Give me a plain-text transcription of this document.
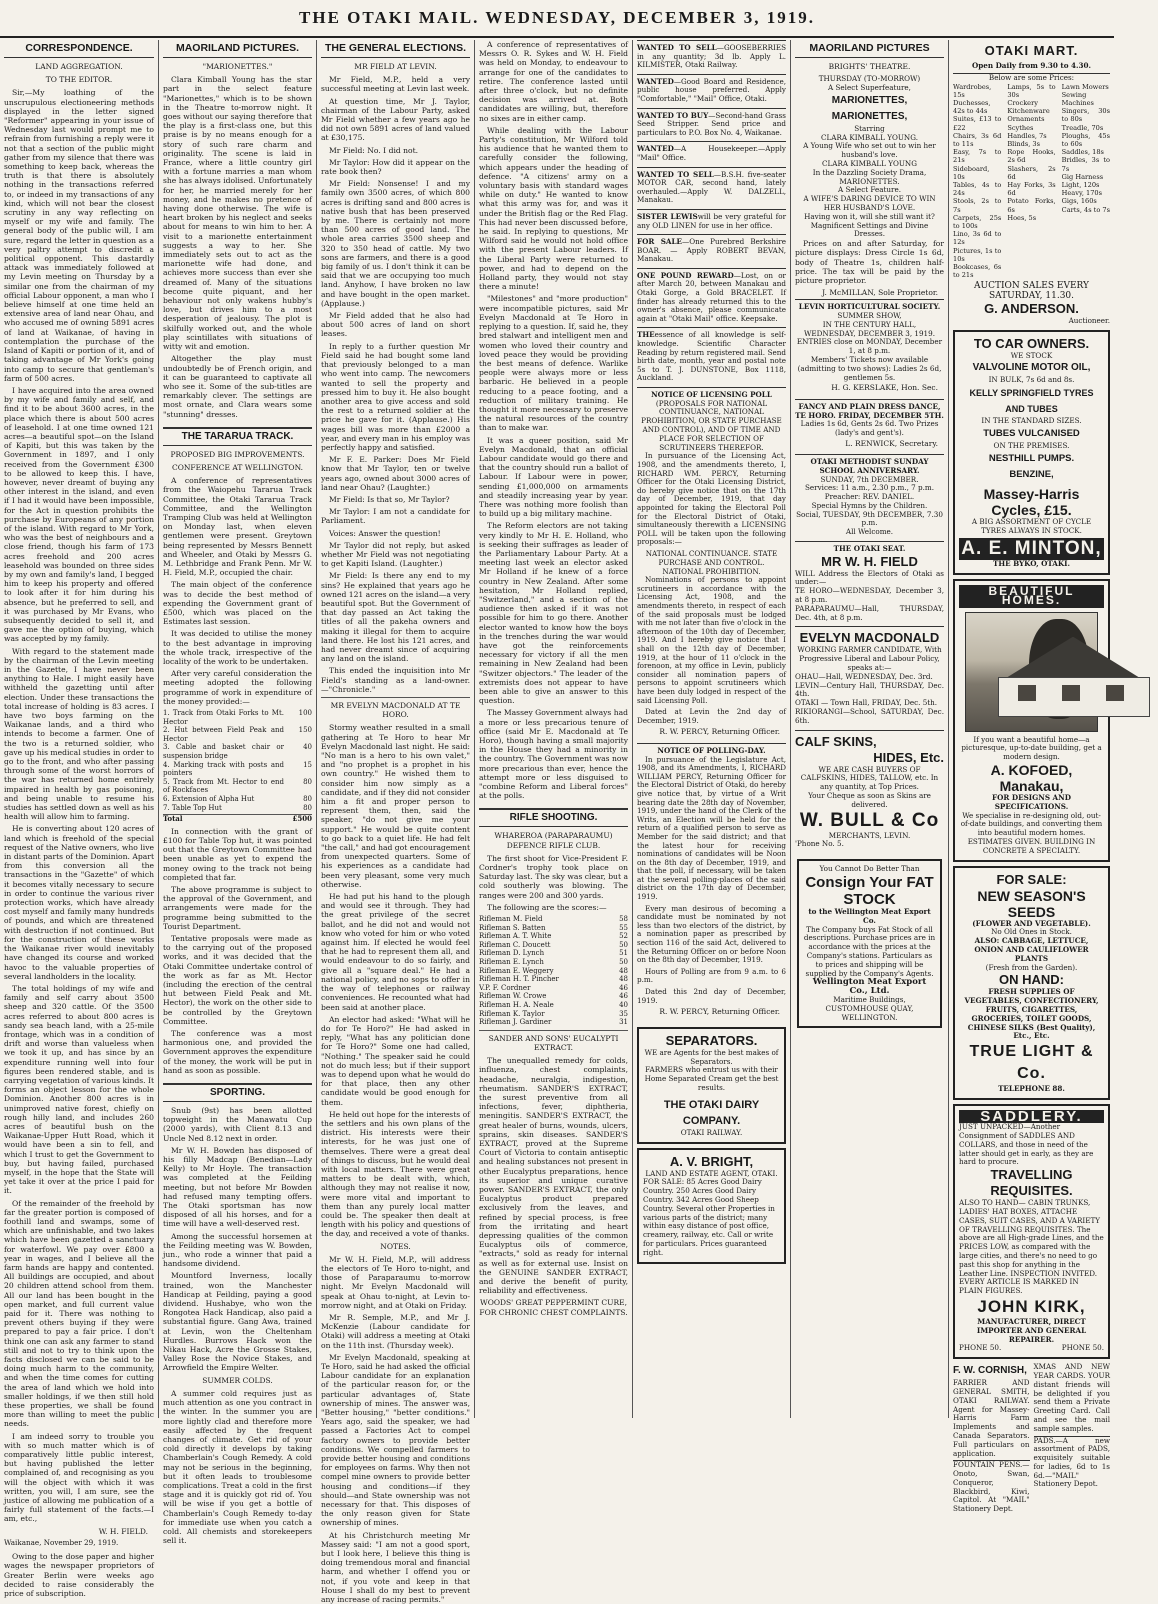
THE OTAKI MAIL. WEDNESDAY, DECEMBER 3, 1919.
CORRESPONDENCE.
LAND AGGREGATION.
TO THE EDITOR.

Sir,—My loathing of the unscrupulous electioneering methods displayed in the letter signed "Reformer" appearing in your issue of Wednesday last would prompt me to refrain from furnishing a reply were it not that a section of the public might gather from my silence that there was something to keep back, whereas the truth is that there is absolutely nothing in the transactions referred to, or indeed in my transactions of any kind, which will not bear the closest scrutiny in any way reflecting on myself or my wife and family. The general body of the public will, I am sure, regard the letter in question as a very paltry attempt to discredit a political opponent. This dastardly attack was immediately followed at my Levin meeting on Thursday by a similar one from the chairman of my official Labour opponent, a man who I believe himself at one time held an extensive area of land near Ohau, and who accused me of owning 5891 acres of land at Waikanae, of having in contemplation the purchase of the Island of Kapiti or portion of it, and of taking advantage of Mr York's going into camp to secure that gentleman's farm of 500 acres.

I have acquired into the area owned by my wife and family and self, and find it to be about 3600 acres, in the place which there is about 500 acres of leasehold. I at one time owned 121 acres—a beautiful spot—on the Island of Kapiti, but this was taken by the Government in 1897, and I only received from the Government £300 to be allowed to keep this. I have, however, never dreamt of buying any other interest in the island, and even if I had it would have been impossible, for the Act in question prohibits the purchase by Europeans of any portion of the island. With regard to Mr York, who was the best of neighbours and a close friend, though his farm of 173 acres freehold and 200 acres leasehold was bounded on three sides by my own and family's land, I begged him to keep his property and offered to look after it for him during his absence, but he preferred to sell, and it was purchased by Mr Evans, who subsequently decided to sell it, and gave me the option of buying, which was accepted by my family.

With regard to the statement made by the chairman of the Levin meeting in the Gazette, I have never been anything to Hale. I might easily have withheld the gazetting until after election. Under these transactions the total increase of holding is 83 acres. I have two boys farming on the Waikanae lands, and a third who intends to become a farmer. One of the two is a returned soldier, who gave up his medical studies in order to go to the front, and who after passing through some of the worst horrors of the war has returned home entirely impaired in health by gas poisoning, and being unable to resume his studies has settled down as well as his health will allow him to farming.

He is converting about 120 acres of land which is freehold of the special request of the Native owners, who live in distant parts of the Dominion. Apart from this conversion all the transactions in the "Gazette" of which it becomes vitally necessary to secure in order to continue the various river protection works, which have already cost myself and family many hundreds of pounds, and which are threatened with destruction if not continued. But for the construction of these works the Waikanae river would inevitably have changed its course and worked havoc to the valuable properties of several landholders in the locality.

The total holdings of my wife and family and self carry about 3500 sheep and 320 cattle. Of the 3500 acres referred to about 800 acres is sandy sea beach land, with a 25-mile frontage, which was in a condition of drift and worse than valueless when we took it up, and has since by an expenditure running well into four figures been rendered stable, and is carrying vegetation of various kinds. It forms an object lesson for the whole Dominion. Another 800 acres is in unimproved native forest, chiefly on rough hilly land, and includes 260 acres of beautiful bush on the Waikanae-Upper Hutt Road, which it would have been a sin to fell, and which I trust to get the Government to buy, but having failed, purchased myself, in the hope that the State will yet take it over at the price I paid for it.

Of the remainder of the freehold by far the greater portion is composed of foothill land and swamps, some of which are unfinishable, and two lakes which have been gazetted a sanctuary for waterfowl. We pay over £800 a year in wages, and I believe all the farm hands are happy and contented. All buildings are occupied, and about 20 children attend school from them. All our land has been bought in the open market, and full current value paid for it. There was nothing to prevent others buying if they were prepared to pay a fair price. I don't think one can ask any farmer to stand still and not to try to think upon the facts disclosed we can be said to be doing much harm to the community, and when the time comes for cutting the area of land which we hold into smaller holdings, if we then still hold these properties, we shall be found more than willing to meet the public needs.

I am indeed sorry to trouble you with so much matter which is of comparatively little public interest, but having published the letter complained of, and recognising as you will the object with which it was written, you will, I am sure, see the justice of allowing me publication of a fairly full statement of the facts.—I am, etc.,

W. H. FIELD.
Waikanae, November 29, 1919.

Owing to the dose paper and higher wages the newspaper proprietors of Greater Berlin were weeks ago decided to raise considerably the price of subscription.

MAORILAND PICTURES.
"MARIONETTES."

Clara Kimball Young has the star part in the select feature "Marionettes," which is to be shown in the Theatre to-morrow night. It goes without our saying therefore that the play is a first-class one, but this praise is by no means enough for a story of such rare charm and originality. The scene is laid in France, where a little country girl with a fortune marries a man whom she has always idolised. Unfortunately for her, he married merely for her money, and he makes no pretence of having done otherwise. The wife is heart broken by his neglect and seeks about for means to win him to her. A visit to a marionette entertainment suggests a way to her. She immediately sets out to act as the marionette wife had done, and achieves more success than ever she dreamed of. Many of the situations become quite piquant, and her behaviour not only wakens hubby's love, but drives him to a most desperation of jealousy. The plot is skilfully worked out, and the whole play scintillates with situations of witty wit and emotion.

Altogether the play must undoubtedly be of French origin, and it can be guaranteed to captivate all who see it. Some of the sub-titles are remarkably clever. The settings are most ornate, and Clara wears some "stunning" dresses.

THE TARARUA TRACK.
PROPOSED BIG IMPROVEMENTS.
CONFERENCE AT WELLINGTON.

A conference of representatives from the Waiopehu Tararua Track Committee, the Otaki Tararua Track Committee, and the Wellington Tramping Club was held at Wellington on Monday last, when eleven gentlemen were present. Greytown being represented by Messrs Bennett and Wheeler, and Otaki by Messrs G. M. Lethbridge and Frank Penn. Mr W. H. Field, M.P., occupied the chair.

The main object of the conference was to decide the best method of expending the Government grant of £500, which was placed on the Estimates last session.

It was decided to utilise the money to the best advantage in improving the whole track, irrespective of the locality of the work to be undertaken.

After very careful consideration the meeting adopted the following programme of work in expenditure of the money provided:—

1. Track from Otaki Forks to Mt. Hector
100
2. Hut between Field Peak and Hector
150
3. Cable and basket chair or suspension bridge
40
4. Marking track with posts and pointers
15
5. Track from Mt. Hector to end of Rockfaces
80
6. Extension of Alpha Hut	80
7. Table Top Hut	80
Total	£500

In connection with the grant of £100 for Table Top hut, it was pointed out that the Greytown Committee had been unable as yet to expend the money owing to the track not being completed that far.

The above programme is subject to the approval of the Government, and arrangements were made for the programme being submitted to the Tourist Department.

Tentative proposals were made as to the carrying out of the proposed works, and it was decided that the Otaki Committee undertake control of the work as far as Mt. Hector (including the erection of the central hut between Field Peak and Mt. Hector), the work on the other side to be controlled by the Greytown Committee.

The conference was a most harmonious one, and provided the Government approves the expenditure of the money, the work will be put in hand as soon as possible.

SPORTING.

Snub (9st) has been allotted topweight in the Manawatu Cup (2000 yards), with Client 8.13 and Uncle Ned 8.12 next in order.

Mr W. H. Bowden has disposed of his filly Madcap (Benedian—Lady Kelly) to Mr Hoyle. The transaction was completed at the Feilding meeting, but not before Mr Bowden had refused many tempting offers. The Otaki sportsman has now disposed of all his horses, and for a time will have a well-deserved rest.

Among the successful horsemen at the Feilding meeting was W. Bowden, jun., who rode a winner that paid a handsome dividend.

Mountford Inverness, locally trained, won the Manchester Handicap at Feilding, paying a good dividend. Hushabye, who won the Rongotea Hack Handicap, also paid a substantial figure. Gang Awa, trained at Levin, won the Cheltenham Hurdles. Burrows Hack won the Nikau Hack, Acre the Grosse Stakes, Valley Rose the Novice Stakes, and Arrowfield the Empire Welter.

SUMMER COLDS.

A summer cold requires just as much attention as one you contract in the winter. In the summer you are more lightly clad and therefore more easily affected by the frequent changes of climate. Get rid of your cold directly it develops by taking Chamberlain's Cough Remedy. A cold may not be serious in the beginning, but it often leads to troublesome complications. Treat a cold in the first stage and it is quickly got rid of. You will be wise if you get a bottle of Chamberlain's Cough Remedy to-day for immediate use when you catch a cold. All chemists and storekeepers sell it.

THE GENERAL ELECTIONS.
MR FIELD AT LEVIN.

Mr Field, M.P., held a very successful meeting at Levin last week.

At question time, Mr J. Taylor, chairman of the Labour Party, asked Mr Field whether a few years ago he did not own 5891 acres of land valued at £30,175.

Mr Field: No. I did not.

Mr Taylor: How did it appear on the rate book then?

Mr Field: Nonsense! I and my family own 3500 acres, of which 800 acres is drifting sand and 800 acres is native bush that has been preserved by me. There is certainly not more than 500 acres of good land. The whole area carries 3500 sheep and 320 to 350 head of cattle. My two sons are farmers, and there is a good big family of us. I don't think it can be said that we are occupying too much land. Anyhow, I have broken no law and have bought in the open market. (Applause.)

Mr Field added that he also had about 500 acres of land on short leases.

In reply to a further question Mr Field said he had bought some land that previously belonged to a man who went into camp. The newcomers wanted to sell the property and pressed him to buy it. He also bought another area to give access and sold the rest to a returned soldier at the price he gave for it. (Applause.) His wages bill was more than £2000 a year, and every man in his employ was perfectly happy and satisfied.

Mr F. E. Parker: Does Mr Field know that Mr Taylor, ten or twelve years ago, owned about 3000 acres of land near Ohau? (Laughter.)

Mr Field: Is that so, Mr Taylor?

Mr Taylor: I am not a candidate for Parliament.

Voices: Answer the question!

Mr Taylor did not reply, but asked whether Mr Field was not negotiating to get Kapiti Island. (Laughter.)

Mr Field: Is there any end to my sins? He explained that years ago he owned 121 acres on the island—a very beautiful spot. But the Government of that day passed an Act taking the titles of all the pakeha owners and making it illegal for them to acquire land there. He lost his 121 acres, and had never dreamt since of acquiring any land on the island.

This ended the inquisition into Mr Field's standing as a land-owner.—"Chronicle."

MR EVELYN MACDONALD AT TE HORO.

Stormy weather resulted in a small gathering at Te Horo to hear Mr Evelyn Macdonald last night. He said: "No man is a hero to his own valet," and "no prophet is a prophet in his own country." He wished them to consider him now simply as a candidate, and if they did not consider him a fit and proper person to represent them, then, said the speaker, "do not give me your support." He would be quite content to go back to a quiet life. He had felt "the call," and had got encouragement from unexpected quarters. Some of his experiences as a candidate had been very pleasant, some very much otherwise.

He had put his hand to the plough and would see it through. They had the great privilege of the secret ballot, and he did not and would not know who voted for him or who voted against him. If elected he would feel that he had to represent them all, and would endeavour to do so fairly, and give all a "square deal." He had a national policy, and no sops to offer in the way of telephones or railway conveniences. He recounted what had been said at another place.

An elector had asked: "What will he do for Te Horo?" He had asked in reply, "What has any politician done for Te Horo?" Some one had called, "Nothing." The speaker said he could not do much less; but if their support was to depend upon what he would do for that place, then any other candidate would be good enough for them.

He held out hope for the interests of the settlers and his own plans of the district. His interests were their interests, for he was just one of themselves. There were a great deal of things to discuss, but he would deal with local matters. There were great matters to be dealt with, which, although they may not realise it now, were more vital and important to them than any purely local matter could be. The speaker then dealt at length with his policy and questions of the day, and received a vote of thanks.

NOTES.

Mr W. H. Field, M.P., will address the electors of Te Horo to-night, and those of Paraparaumu to-morrow night. Mr Evelyn Macdonald will speak at Ohau to-night, at Levin to-morrow night, and at Otaki on Friday.

Mr R. Semple, M.P., and Mr J. McKenzie (Labour candidate for Otaki) will address a meeting at Otaki on the 11th inst. (Thursday week).

Mr Evelyn Macdonald, speaking at Te Horo, said he had asked the official Labour candidate for an explanation of the particular reason for, or the particular advantages of, State ownership of mines. The answer was, "Better housing," "better conditions." Years ago, said the speaker, we had passed a Factories Act to compel factory owners to provide better conditions. We compelled farmers to provide better housing and conditions for employees on farms. Why then not compel mine owners to provide better housing and conditions—if they should—and State ownership was not necessary for that. This disposes of the only reason given for State ownership of mines.

At his Christchurch meeting Mr Massey said: "I am not a good sport, but I look here, I believe this thing is doing tremendous moral and financial harm, and whether I offend you or not, if you vote and keep in that House I shall do my best to prevent any increase of racing permits."

A conference of representatives of Messrs O. R. Sykes and W. H. Field was held on Monday, to endeavour to arrange for one of the candidates to retire. The conference lasted until after three o'clock, but no definite decision was arrived at. Both candidates are willing, but, therefore no sixes are in either camp.

While dealing with the Labour Party's constitution, Mr Wilford told his audience that he wanted them to carefully consider the following, which appears under the heading of defence. "A citizens' army on a voluntary basis with standard wages while on duty." He wanted to know what this army was for, and was it under the British flag or the Red Flag. This had never been discussed before, he said. In replying to questions, Mr Wilford said he would not hold office with the present Labour leaders. If the Liberal Party were returned to power, and had to depend on the Holland party, they would not stay there a minute!

"Milestones" and "more production" were incompatible pictures, said Mr Evelyn Macdonald at Te Horo in replying to a question. If, said he, they bred stalwart and intelligent men and women who loved their country and loved peace they would be providing the best means of defence. Warlike people were always more or less barbaric. He believed in a people reducing to a peace footing, and a reduction of military training. He thought it more necessary to preserve the natural resources of the country than to make war.

It was a queer position, said Mr Evelyn Macdonald, that an official Labour candidate would go there and that the country should run a ballot of Labour. If Labour were in power, sending £1,000,000 on armaments and steadily increasing year by year. There was nothing more foolish than to build up a big military machine.

The Reform electors are not taking very kindly to Mr H. E. Holland, who is seeking their suffrages as leader of the Parliamentary Labour Party. At a meeting last week an elector asked Mr Holland if he knew of a force country in New Zealand. After some hesitation, Mr Holland replied, "Switzerland," and a section of the audience then asked if it was not possible for him to go there. Another elector wanted to know how the boys in the trenches during the war would have got the reinforcements necessary for victory if all the men remaining in New Zealand had been "Switzer objectors." The leader of the extremists does not appear to have been able to give an answer to this question.

The Massey Government always had a more or less precarious tenure of office (said Mr E. Macdonald at Te Horo), though having a small majority in the House they had a minority in the country. The Government was now more precarious than ever, hence the attempt more or less disguised to "combine Reform and Liberal forces" at the polls.

RIFLE SHOOTING.
WHAREROA (PARAPARAUMU) DEFENCE RIFLE CLUB.

The first shoot for Vice-President F. Cordner's trophy took place on Saturday last. The sky was clear, but a cold southerly was blowing. The ranges were 200 and 300 yards.

The following are the scores:—

Rifleman M. Field	58
Rifleman S. Batten	55
Rifleman A. T. White	52
Rifleman C. Doucett	50
Rifleman D. Lynch	51
Rifleman E. Lynch	50
Rifleman E. Weggery	48
Rifleman H. T. Pincher	48
V.P. F. Cordner	46
Rifleman W. Crowe	46
Rifleman H. A. Neale	40
Rifleman K. Taylor	35
Rifleman J. Gardiner	31
SANDER AND SONS' EUCALYPTI EXTRACT.

The unequalled remedy for colds, influenza, chest complaints, headache, neuralgia, indigestion, rheumatism. SANDER'S EXTRACT, the surest preventive from all infections, fever, diphtheria, meningitis. SANDER'S EXTRACT, the great healer of burns, wounds, ulcers, sprains, skin diseases. SANDER'S EXTRACT, proved at the Supreme Court of Victoria to contain antiseptic and healing substances not present in other Eucalyptus preparations, hence its superior and unique curative power. SANDER'S EXTRACT, the only Eucalyptus product prepared exclusively from the leaves, and refined by special process, is free from the irritating and heart depressing qualities of the common Eucalyptus oils of commerce, "extracts," sold as ready for internal as well as for external use. Insist on the GENUINE SANDER EXTRACT, and derive the benefit of purity, reliability and effectiveness.

WOODS' GREAT PEPPERMINT CURE, FOR CHRONIC CHEST COMPLAINTS.
WANTED TO SELL—GOOSEBERRIES in any quantity; 3d lb. Apply L. KILMISTER, Otaki Railway.
WANTED—Good Board and Residence, public house preferred. Apply "Comfortable," "Mail" Office, Otaki.
WANTED TO BUY—Second-hand Grass Seed Stripper. Send price and particulars to P.O. Box No. 4, Waikanae.
WANTED—A Housekeeper.—Apply "Mail" Office.
WANTED TO SELL—B.S.H. five-seater MOTOR CAR, second hand, lately overhauled.—Apply W. DALZELL, Manakau.
SISTER LEWISwill be very grateful for any OLD LINEN for use in her office.
FOR SALE—One Purebred Berkshire BOAR. — Apply ROBERT BEVAN, Manakau.
ONE POUND REWARD—Lost, on or after March 20, between Manakau and Otaki Gorge, a Gold BRACELET. If finder has already returned this to the owner's absence, please communicate again at "Otaki Mail" office. Keepsake.
THEessence of all knowledge is self-knowledge. Scientific Character Reading by return registered mail. Send birth date, month, year and postal note 5s to T. J. DUNSTONE, Box 1118, Auckland.
NOTICE OF LICENSING POLL
(PROPOSALS FOR NATIONAL CONTINUANCE, NATIONAL PROHIBITION, OR STATE PURCHASE AND CONTROL), AND OF TIME AND PLACE FOR SELECTION OF SCRUTINEERS THEREFOR.

In pursuance of the Licensing Act, 1908, and the amendments thereto, I, RICHARD WM. PERCY, Returning Officer for the Otaki Licensing District, do hereby give notice that on the 17th day of December, 1919, that day appointed for taking the Electoral Poll for the Electoral District of Otaki, simultaneously therewith a LICENSING POLL will be taken upon the following proposals:—

NATIONAL CONTINUANCE. STATE PURCHASE AND CONTROL. NATIONAL PROHIBITION.

Nominations of persons to appoint scrutineers in accordance with the Licensing Act, 1908, and the amendments thereto, in respect of each of the said proposals must be lodged with me not later than five o'clock in the afternoon of the 10th day of December, 1919. And I hereby give notice that I shall on the 12th day of December, 1919, at the hour of 11 o'clock in the forenoon, at my office in Levin, publicly consider all nomination papers of persons to appoint scrutineers which have been duly lodged in respect of the said Licensing Poll.

Dated at Levin the 2nd day of December, 1919.

R. W. PERCY, Returning Officer.
NOTICE OF POLLING-DAY.

In pursuance of the Legislature Act, 1908, and its Amendments, I, RICHARD WILLIAM PERCY, Returning Officer for the Electoral District of Otaki, do hereby give notice that, by virtue of a Writ bearing date the 28th day of November, 1919, under the hand of the Clerk of the Writs, an Election will be held for the return of a qualified person to serve as Member for the said district; and that the latest hour for receiving nominations of candidates will be Noon on the 8th day of December, 1919, and that the poll, if necessary, will be taken at the several polling-places of the said district on the 17th day of December, 1919.

Every man desirous of becoming a candidate must be nominated by not less than two electors of the district, by a nomination paper as prescribed by section 116 of the said Act, delivered to the Returning Officer on or before Noon on the 8th day of December, 1919.

Hours of Polling are from 9 a.m. to 6 p.m.

Dated this 2nd day of December, 1919.

R. W. PERCY, Returning Officer.
SEPARATORS.
WE are Agents for the best makes of Separators.
FARMERS who entrust us with their Home Separated Cream get the best results.
THE OTAKI DAIRY COMPANY.
OTAKI RAILWAY.
A. V. BRIGHT,
LAND AND ESTATE AGENT, OTAKI.
FOR SALE: 85 Acres Good Dairy Country. 250 Acres Good Dairy Country. 342 Acres Good Sheep Country. Several other Properties in various parts of the district; many within easy distance of post office, creamery, railway, etc. Call or write for particulars. Prices guaranteed right.
MAORILAND PICTURES
BRIGHTS' THEATRE.
THURSDAY (TO-MORROW)
A Select Superfeature,
MARIONETTES,
MARIONETTES,
Starring
CLARA KIMBALL YOUNG.
A Young Wife who set out to win her husband's love.
CLARA KIMBALL YOUNG
In the Dazzling Society Drama,
MARIONETTES.
A Select Feature.
A WIFE'S DARING DEVICE TO WIN HER HUSBAND'S LOVE.
Having won it, will she still want it? Magnificent Settings and Divine Dresses.

Prices on and after Saturday, for picture displays: Dress Circle 1s 6d, body of Theatre 1s, children half-price. The tax will be paid by the picture proprietor.

J. McMILLAN, Sole Proprietor.
LEVIN HORTICULTURAL SOCIETY.
SUMMER SHOW,
IN THE CENTURY HALL,
WEDNESDAY, DECEMBER 3, 1919.
ENTRIES close on MONDAY, December 1, at 8 p.m.
Members' Tickets now available (admitting to two shows): Ladies 2s 6d, gentlemen 5s.
H. G. KERSLAKE, Hon. Sec.
FANCY AND PLAIN DRESS DANCE, TE HORO. FRIDAY, DECEMBER 5TH.
Ladies 1s 6d, Gents 2s 6d. Two Prizes (lady's and gent's).
L. RENWICK, Secretary.
OTAKI METHODIST SUNDAY SCHOOL ANNIVERSARY.
SUNDAY, 7th DECEMBER.
Services: 11 a.m., 2.30 p.m., 7 p.m.
Preacher: REV. DANIEL.
Special Hymns by the Children.
Social, TUESDAY, 9th DECEMBER, 7.30 p.m.
All Welcome.
THE OTAKI SEAT.
MR W. H. FIELD
WILL Address the Electors of Otaki as under:—
TE HORO—WEDNESDAY, December 3, at 8 p.m.
PARAPARAUMU—Hall, THURSDAY, Dec. 4th, at 8 p.m.
EVELYN MACDONALD
WORKING FARMER CANDIDATE, With Progressive Liberal and Labour Policy, speaks at:—
OHAU—Hall, WEDNESDAY, Dec. 3rd.
LEVIN—Century Hall, THURSDAY, Dec. 4th.
OTAKI — Town Hall, FRIDAY, Dec. 5th.
RIKIORANGI—School, SATURDAY, Dec. 6th.
CALF SKINS,
HIDES, Etc.
WE ARE CASH BUYERS OF CALFSKINS, HIDES, TALLOW, etc. In any quantity, at Top Prices.
Your Cheque as soon as Skins are delivered.
W. BULL & Co
MERCHANTS, LEVIN.
'Phone No. 5.
You Cannot Do Better Than
Consign Your FAT STOCK
to the Wellington Meat Export Co.
The Company buys Fat Stock of all descriptions. Purchase prices are in accordance with the prices at the Company's stations. Particulars as to prices and shipping will be supplied by the Company's Agents.
Wellington Meat Export Co., Ltd.
Maritime Buildings, CUSTOMHOUSE QUAY, WELLINGTON.
OTAKI MART.
Open Daily from 9.30 to 4.30.
Below are some Prices:
Wardrobes, 15s
Duchesses, 42s to 44s
Suites, £13 to £22
Chairs, 3s 6d to 11s
Easy, 7s to 21s
Sideboard, 10s
Tables, 4s to 24s
Stools, 2s to 7s
Carpets, 25s to 100s
Lino, 3s 6d to 12s
Pictures, 1s to 10s
Bookcases, 6s to 21s
Lamps, 5s to 30s
Crockery
Kitchenware
Ornaments
Scythes
Handles, 7s
Blinds, 3s
Rope Hooks, 2s 6d
Slashers, 2s 6d
Hay Forks, 3s 6d
Potato Forks, 6s
Hoes, 5s
Lawn Mowers
Sewing Machines
Singers, 30s to 80s
Treadle, 70s
Ploughs, 45s to 60s
Saddles, 18s
Bridles, 3s to 7s
Gig Harness
Light, 120s
Heavy, 170s
Gigs, 160s
Carts, 4s to 7s
AUCTION SALES EVERY SATURDAY, 11.30.
G. ANDERSON.
Auctioneer.
TO CAR OWNERS.
WE STOCK
VALVOLINE MOTOR OIL,
IN BULK, 7s 6d and 8s.
KELLY SPRINGFIELD TYRES AND TUBES
IN THE STANDARD SIZES.
TUBES VULCANISED
ON THE PREMISES.
NESTHILL PUMPS.
BENZINE,
Massey-Harris Cycles, £15.
A BIG ASSORTMENT OF CYCLE TYRES ALWAYS IN STOCK.
A. E. MINTON,
THE BYKO, OTAKI.
BEAUTIFUL HOMES.
If you want a beautiful home—a picturesque, up-to-date building, get a modern design.
A. KOFOED, Manakau,
FOR DESIGNS AND SPECIFICATIONS.
We specialise in re-designing old, out-of-date buildings, and converting them into beautiful modern homes. ESTIMATES GIVEN. BUILDING IN CONCRETE A SPECIALTY.
FOR SALE:
NEW SEASON'S SEEDS
(FLOWER AND VEGETABLE).
No Old Ones in Stock.
ALSO: CABBAGE, LETTUCE, ONION AND CAULIFLOWER PLANTS
(Fresh from the Garden).
ON HAND:
FRESH SUPPLIES OF VEGETABLES, CONFECTIONERY, FRUITS, CIGARETTES, GROCERIES, TOILET GOODS, CHINESE SILKS (Best Quality), Etc., Etc.
TRUE LIGHT & Co.
TELEPHONE 88.
SADDLERY.
JUST UNPACKED—Another Consignment of SADDLES AND COLLARS, and those in need of the latter should get in early, as they are hard to procure.
TRAVELLING REQUISITES.
ALSO TO HAND— CABIN TRUNKS, LADIES' HAT BOXES, ATTACHE CASES, SUIT CASES, AND A VARIETY OF TRAVELLING REQUISITES. The above are all High-grade Lines, and the PRICES LOW, as compared with the large cities, and there's no need to go past this shop for anything in the Leather Line. INSPECTION INVITED. EVERY ARTICLE IS MARKED IN PLAIN FIGURES.
JOHN KIRK,
MANUFACTURER, DIRECT IMPORTER AND GENERAL REPAIRER.
PHONE 50.	PHONE 50.
F. W. CORNISH,
FARRIER AND GENERAL SMITH, OTAKI RAILWAY. Agent for Massey-Harris Farm Implements and Canada Separators. Full particulars on application.
FOUNTAIN PENS.— Onoto, Swan, Conqueror, Blackbird, Kiwi, Capitol. At "MAIL" Stationery Dept.
XMAS AND NEW YEAR CARDS. YOUR distant friends will be delighted if you send them a Private Greeting Card. Call and see the mail sample samples.
PADS.—A new assortment of PADS, exquisitely suitable for ladies, 6d to 1s 6d.—"MAIL" Stationery Depot.
